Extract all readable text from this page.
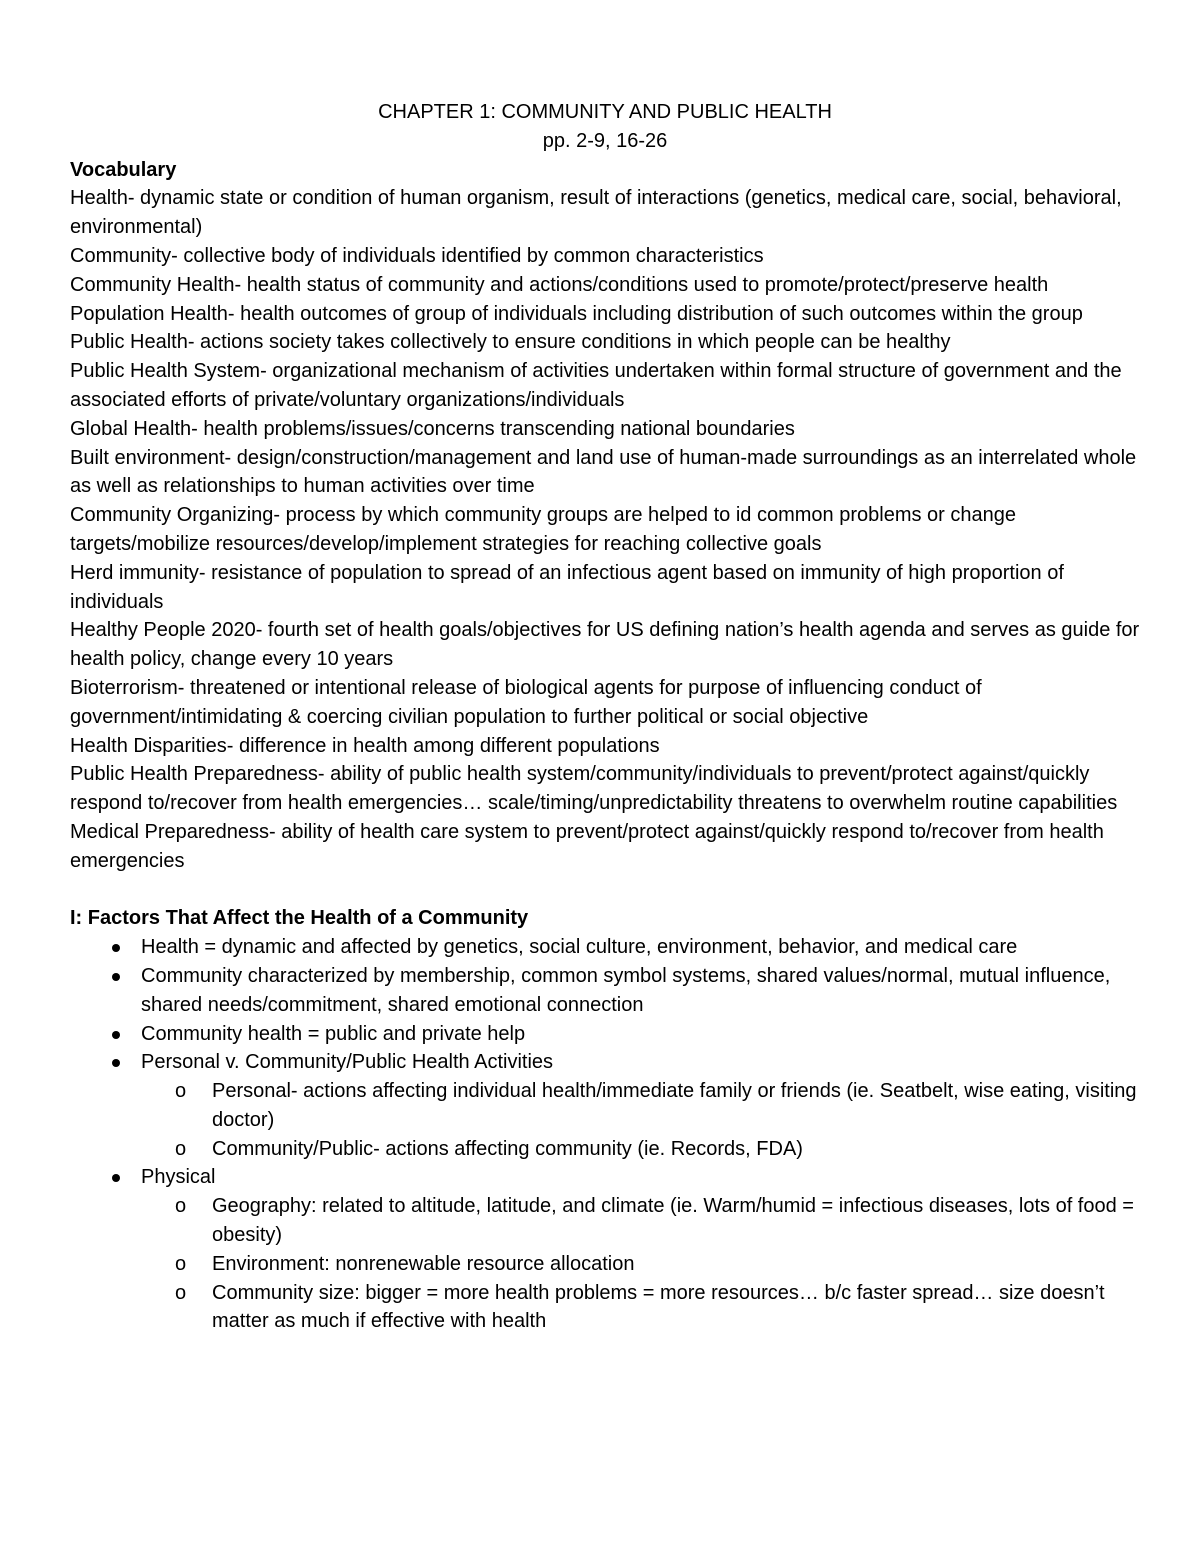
CHAPTER 1: COMMUNITY AND PUBLIC HEALTH

pp. 2-9, 16-26

Vocabulary

Health- dynamic state or condition of human organism, result of interactions (genetics, medical care, social, behavioral, environmental)

Community- collective body of individuals identified by common characteristics

Community Health- health status of community and actions/conditions used to promote/protect/preserve health

Population Health- health outcomes of group of individuals including distribution of such outcomes within the group

Public Health- actions society takes collectively to ensure conditions in which people can be healthy

Public Health System- organizational mechanism of activities undertaken within formal structure of government and the associated efforts of private/voluntary organizations/individuals

Global Health- health problems/issues/concerns transcending national boundaries

Built environment- design/construction/management and land use of human-made surroundings as an interrelated whole as well as relationships to human activities over time

Community Organizing- process by which community groups are helped to id common problems or change targets/mobilize resources/develop/implement strategies for reaching collective goals

Herd immunity- resistance of population to spread of an infectious agent based on immunity of high proportion of individuals

Healthy People 2020- fourth set of health goals/objectives for US defining nation’s health agenda and serves as guide for health policy, change every 10 years

Bioterrorism- threatened or intentional release of biological agents for purpose of influencing conduct of government/intimidating & coercing civilian population to further political or social objective

Health Disparities- difference in health among different populations

Public Health Preparedness- ability of public health system/community/individuals to prevent/protect against/quickly respond to/recover from health emergencies… scale/timing/unpredictability threatens to overwhelm routine capabilities

Medical Preparedness- ability of health care system to prevent/protect against/quickly respond to/recover from health emergencies

I: Factors That Affect the Health of a Community

Health = dynamic and affected by genetics, social culture, environment, behavior, and medical care
Community characterized by membership, common symbol systems, shared values/normal, mutual influence, shared needs/commitment, shared emotional connection
Community health = public and private help
Personal v. Community/Public Health Activities
o Personal- actions affecting individual health/immediate family or friends (ie. Seatbelt, wise eating, visiting doctor)
o Community/Public- actions affecting community (ie. Records, FDA)
Physical
o Geography: related to altitude, latitude, and climate (ie. Warm/humid = infectious diseases, lots of food = obesity)
o Environment: nonrenewable resource allocation
o Community size: bigger = more health problems = more resources… b/c faster spread… size doesn’t matter as much if effective with health
